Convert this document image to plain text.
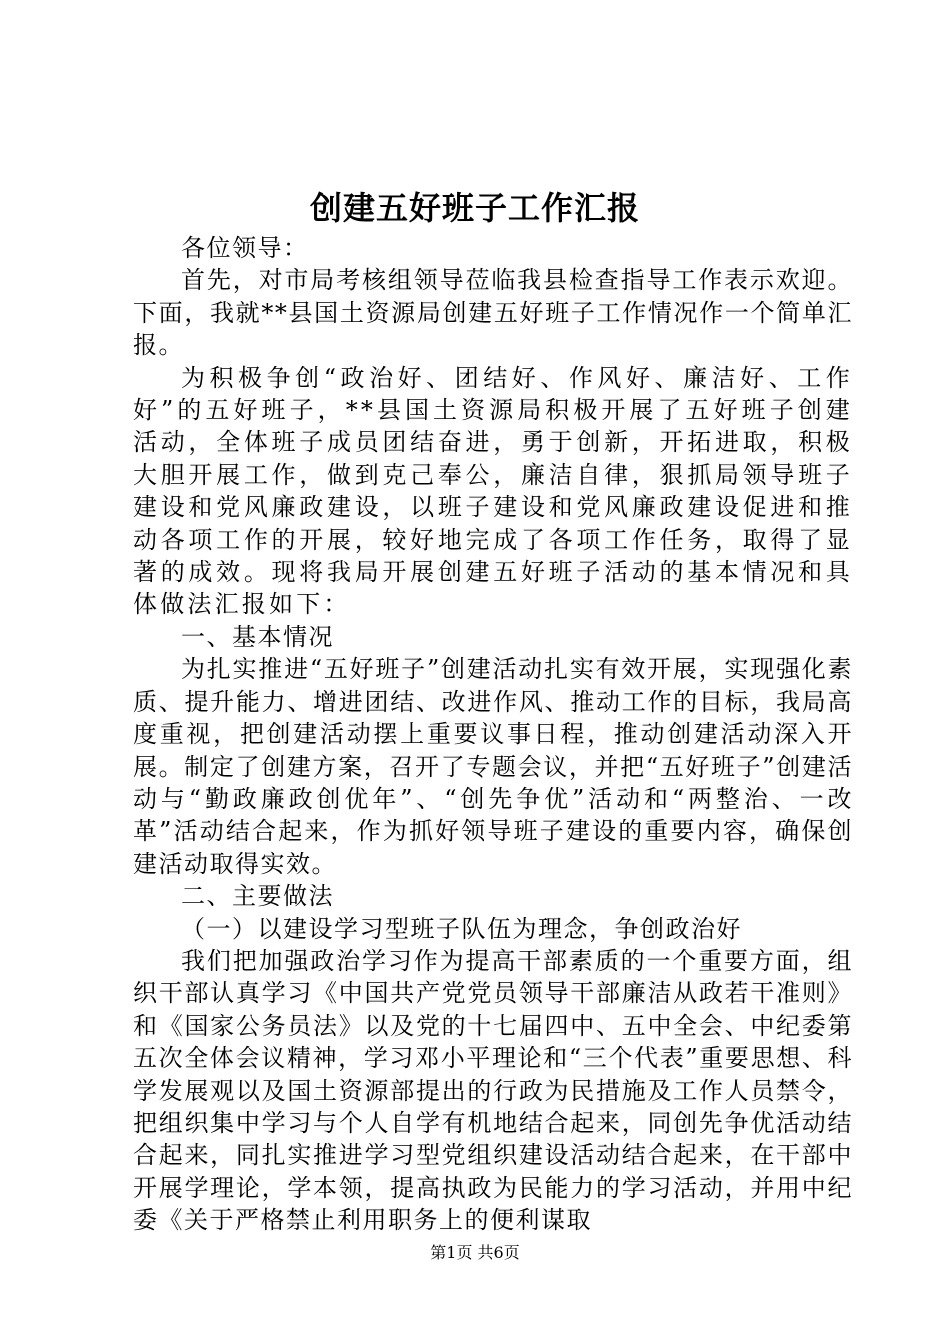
创建五好班子工作汇报

各位领导：

首先，对市局考核组领导莅临我县检查指导工作表示欢迎。下面，我就**县国土资源局创建五好班子工作情况作一个简单汇报。

为积极争创“政治好、团结好、作风好、廉洁好、工作好”的五好班子，**县国土资源局积极开展了五好班子创建活动，全体班子成员团结奋进，勇于创新，开拓进取，积极大胆开展工作，做到克己奉公，廉洁自律，狠抓局领导班子建设和党风廉政建设，以班子建设和党风廉政建设促进和推动各项工作的开展，较好地完成了各项工作任务，取得了显著的成效。现将我局开展创建五好班子活动的基本情况和具体做法汇报如下：

一、基本情况

为扎实推进“五好班子”创建活动扎实有效开展，实现强化素质、提升能力、增进团结、改进作风、推动工作的目标，我局高度重视，把创建活动摆上重要议事日程，推动创建活动深入开展。制定了创建方案，召开了专题会议，并把“五好班子”创建活动与“勤政廉政创优年”、“创先争优”活动和“两整治、一改革”活动结合起来，作为抓好领导班子建设的重要内容，确保创建活动取得实效。

二、主要做法

（一）以建设学习型班子队伍为理念，争创政治好

我们把加强政治学习作为提高干部素质的一个重要方面，组织干部认真学习《中国共产党党员领导干部廉洁从政若干准则》和《国家公务员法》以及党的十七届四中、五中全会、中纪委第五次全体会议精神，学习邓小平理论和“三个代表”重要思想、科学发展观以及国土资源部提出的行政为民措施及工作人员禁令，把组织集中学习与个人自学有机地结合起来，同创先争优活动结合起来，同扎实推进学习型党组织建设活动结合起来，在干部中开展学理论，学本领，提高执政为民能力的学习活动，并用中纪委《关于严格禁止利用职务上的便利谋取

第1页 共6页
